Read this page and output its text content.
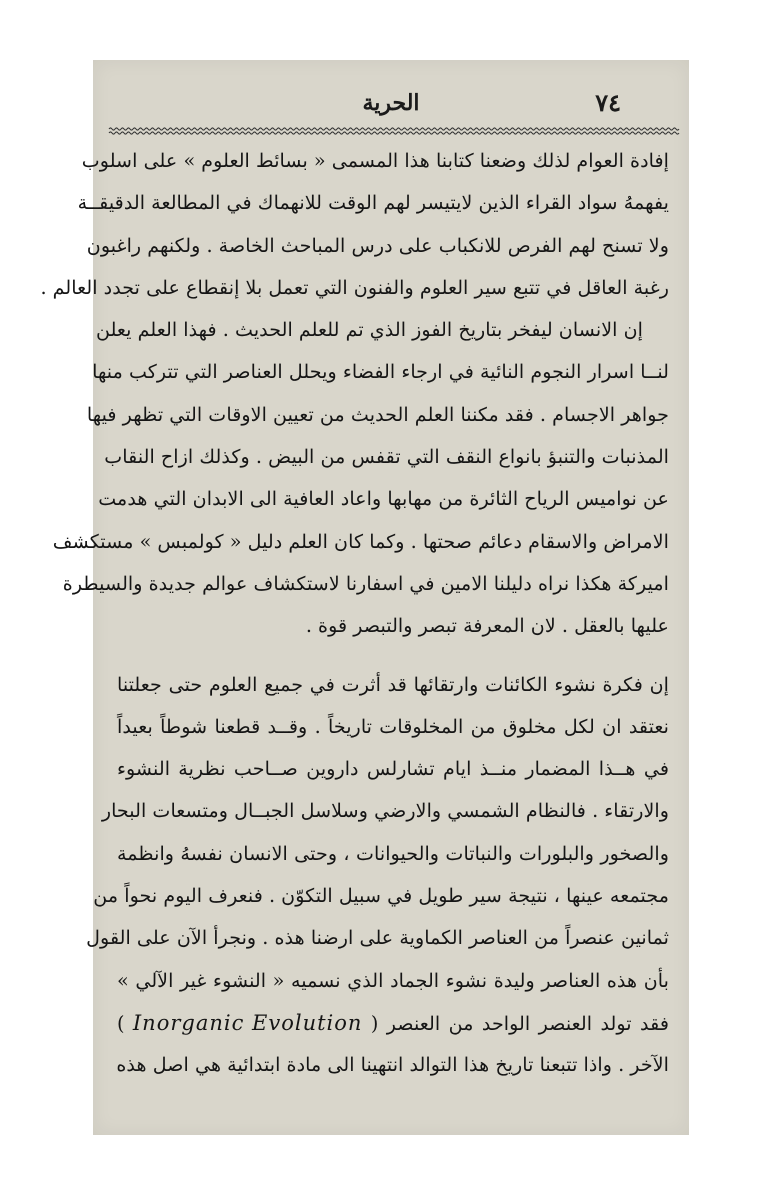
٧٤
الحرية
إفادة العوام لذلك وضعنا كتابنا هذا المسمى « بسائط العلوم » على اسلوب
يفهمهُ سواد القراء الذين لايتيسر لهم الوقت للانهماك في المطالعة الدقيقــة
ولا تسنح لهم الفرص للانكباب على درس المباحث الخاصة . ولكنهم راغبون
رغبة العاقل في تتبع سير العلوم والفنون التي تعمل بلا إنقطاع على تجدد العالم .
إن الانسان ليفخر بتاريخ الفوز الذي تم للعلم الحديث . فهذا العلم يعلن
لنــا اسرار النجوم النائية في ارجاء الفضاء ويحلل العناصر التي تتركب منها
جواهر الاجسام . فقد مكننا العلم الحديث من تعيين الاوقات التي تظهر فيها
المذنبات والتنبؤ بانواع النقف التي تقفس من البيض . وكذلك ازاح النقاب
عن نواميس الرياح الثائرة من مهابها واعاد العافية الى الابدان التي هدمت
الامراض والاسقام دعائم صحتها . وكما كان العلم دليل « كولمبس » مستكشف
اميركة هكذا نراه دليلنا الامين في اسفارنا لاستكشاف عوالم جديدة والسيطرة
عليها بالعقل . لان المعرفة تبصر والتبصر قوة .
إن فكرة نشوء الكائنات وارتقائها قد أثرت في جميع العلوم حتى جعلتنا
نعتقد ان لكل مخلوق من المخلوقات تاريخاً . وقــد قطعنا شوطاً بعيداً
في هــذا المضمار منــذ ايام تشارلس داروين صــاحب نظرية النشوء
والارتقاء . فالنظام الشمسي والارضي وسلاسل الجبــال ومتسعات البحار
والصخور والبلورات والنباتات والحيوانات ، وحتى الانسان نفسهُ وانظمة
مجتمعه عينها ، نتيجة سير طويل في سبيل التكوّن . فنعرف اليوم نحواً من
ثمانين عنصراً من العناصر الكماوية على ارضنا هذه . ونجرأ الآن على القول
بأن هذه العناصر وليدة نشوء الجماد الذي نسميه « النشوء غير الآلي »
فقد تولد العنصر الواحد من العنصر ( Inorganic Evolution )
الآخر . واذا تتبعنا تاريخ هذا التوالد انتهينا الى مادة ابتدائية هي اصل هذه
